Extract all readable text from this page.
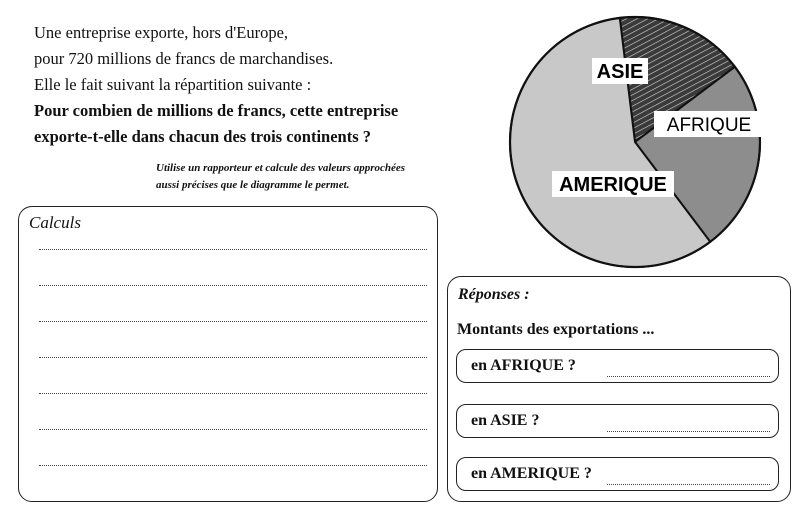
Une entreprise exporte, hors d'Europe,

pour 720 millions de francs de marchandises.

Elle le fait suivant la répartition suivante :

Pour combien de millions de francs, cette entreprise

exporte-t-elle dans chacun des trois continents ?

Utilise un rapporteur et calcule des valeurs approchées
aussi précises que le diagramme le permet.
ASIE
AFRIQUE
AMERIQUE
Calculs
Réponses :
Montants des exportations ...
en AFRIQUE ?
en ASIE ?
en AMERIQUE ?
